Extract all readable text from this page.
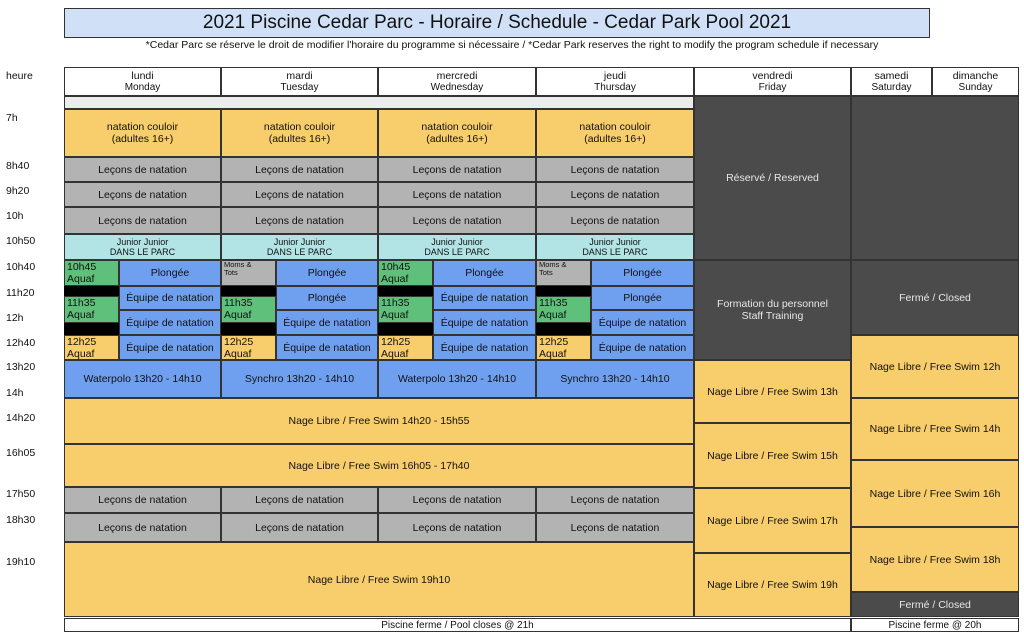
2021 Piscine Cedar Parc - Horaire / Schedule - Cedar Park Pool 2021
*Cedar Parc se réserve le droit de modifier l'horaire du programme si nécessaire / *Cedar Park reserves the right to modify the program schedule if necessary
heure
7h
8h40
9h20
10h
10h50
10h40
11h20
12h
12h40
13h20
14h
14h20
16h05
17h50
18h30
19h10
lundi
Monday
mardi
Tuesday
mercredi
Wednesday
jeudi
Thursday
vendredi
Friday
samedi
Saturday
dimanche
Sunday
natation couloir
(adultes 16+)
Leçons de natation
Leçons de natation
Leçons de natation
Junior Junior
DANS LE PARC
10h45
Aquaf
11h35
Aquaf
12h25
Aquaf
Plongée
Équipe de natation
Équipe de natation
Équipe de natation
Waterpolo 13h20 - 14h10
Leçons de natation
Leçons de natation
natation couloir
(adultes 16+)
Leçons de natation
Leçons de natation
Leçons de natation
Junior Junior
DANS LE PARC
Moms &
Tots
11h35
Aquaf
12h25
Aquaf
Plongée
Plongée
Équipe de natation
Équipe de natation
Synchro 13h20 - 14h10
Leçons de natation
Leçons de natation
natation couloir
(adultes 16+)
Leçons de natation
Leçons de natation
Leçons de natation
Junior Junior
DANS LE PARC
10h45
Aquaf
11h35
Aquaf
12h25
Aquaf
Plongée
Équipe de natation
Équipe de natation
Équipe de natation
Waterpolo 13h20 - 14h10
Leçons de natation
Leçons de natation
natation couloir
(adultes 16+)
Leçons de natation
Leçons de natation
Leçons de natation
Junior Junior
DANS LE PARC
Moms &
Tots
11h35
Aquaf
12h25
Aquaf
Plongée
Plongée
Équipe de natation
Équipe de natation
Synchro 13h20 - 14h10
Leçons de natation
Leçons de natation
Nage Libre / Free Swim 14h20 - 15h55
Nage Libre / Free Swim 16h05 - 17h40
Nage Libre / Free Swim 19h10
Réservé / Reserved
Formation du personnel
Staff Training
Nage Libre / Free Swim 13h
Nage Libre / Free Swim 15h
Nage Libre / Free Swim 17h
Nage Libre / Free Swim 19h
Fermé / Closed
Nage Libre / Free Swim 12h
Nage Libre / Free Swim 14h
Nage Libre / Free Swim 16h
Nage Libre / Free Swim 18h
Fermé / Closed
Piscine ferme / Pool closes @ 21h	Piscine ferme @ 20h
